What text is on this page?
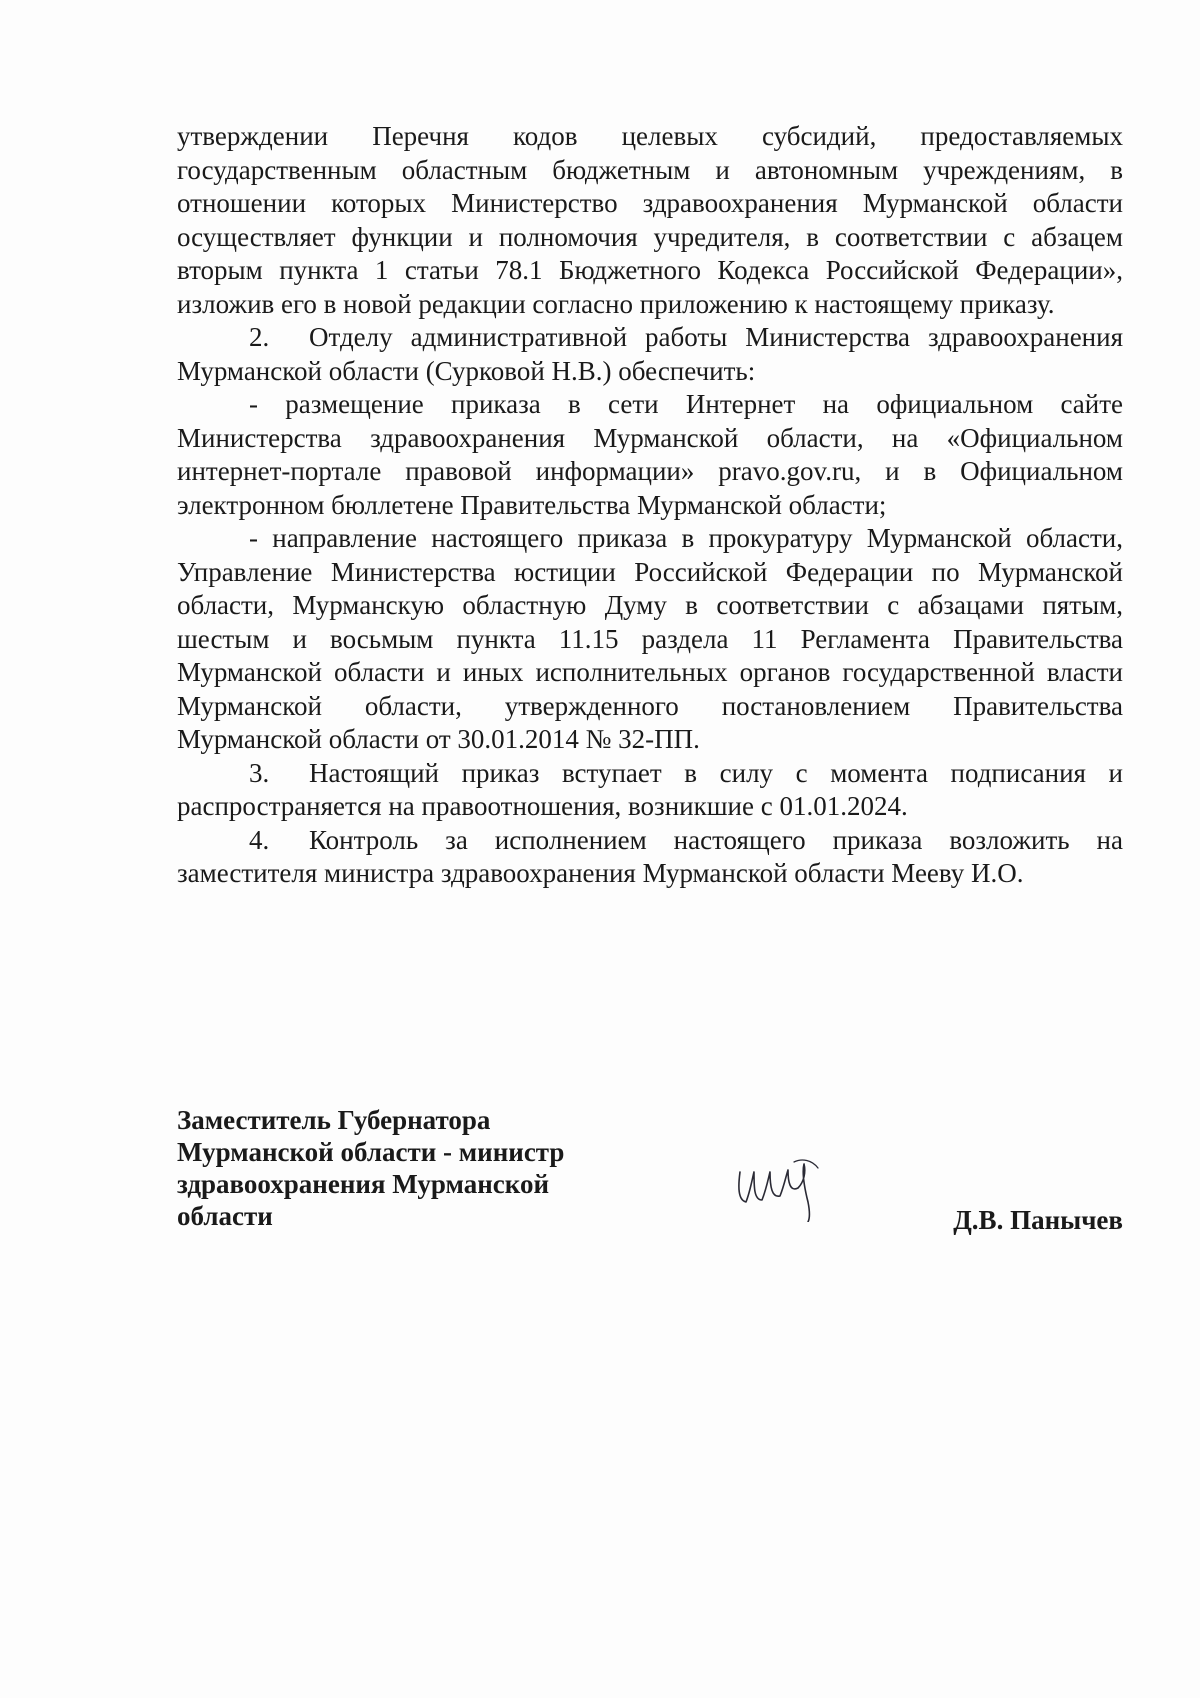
утверждении Перечня кодов целевых субсидий, предоставляемых государственным областным бюджетным и автономным учреждениям, в отношении которых Министерство здравоохранения Мурманской области осуществляет функции и полномочия учредителя, в соответствии с абзацем вторым пункта 1 статьи 78.1 Бюджетного Кодекса Российской Федерации», изложив его в новой редакции согласно приложению к настоящему приказу.

2. Отделу административной работы Министерства здравоохранения Мурманской области (Сурковой Н.В.) обеспечить:

- размещение приказа в сети Интернет на официальном сайте Министерства здравоохранения Мурманской области, на «Официальном интернет-портале правовой информации» pravo.gov.ru, и в Официальном электронном бюллетене Правительства Мурманской области;

- направление настоящего приказа в прокуратуру Мурманской области, Управление Министерства юстиции Российской Федерации по Мурманской области, Мурманскую областную Думу в соответствии с абзацами пятым, шестым и восьмым пункта 11.15 раздела 11 Регламента Правительства Мурманской области и иных исполнительных органов государственной власти Мурманской области, утвержденного постановлением Правительства Мурманской области от 30.01.2014 № 32-ПП.

3. Настоящий приказ вступает в силу с момента подписания и распространяется на правоотношения, возникшие с 01.01.2024.

4. Контроль за исполнением настоящего приказа возложить на заместителя министра здравоохранения Мурманской области Мееву И.О.

Заместитель Губернатора
Мурманской области - министр
здравоохранения Мурманской
области	Д.В. Панычев
